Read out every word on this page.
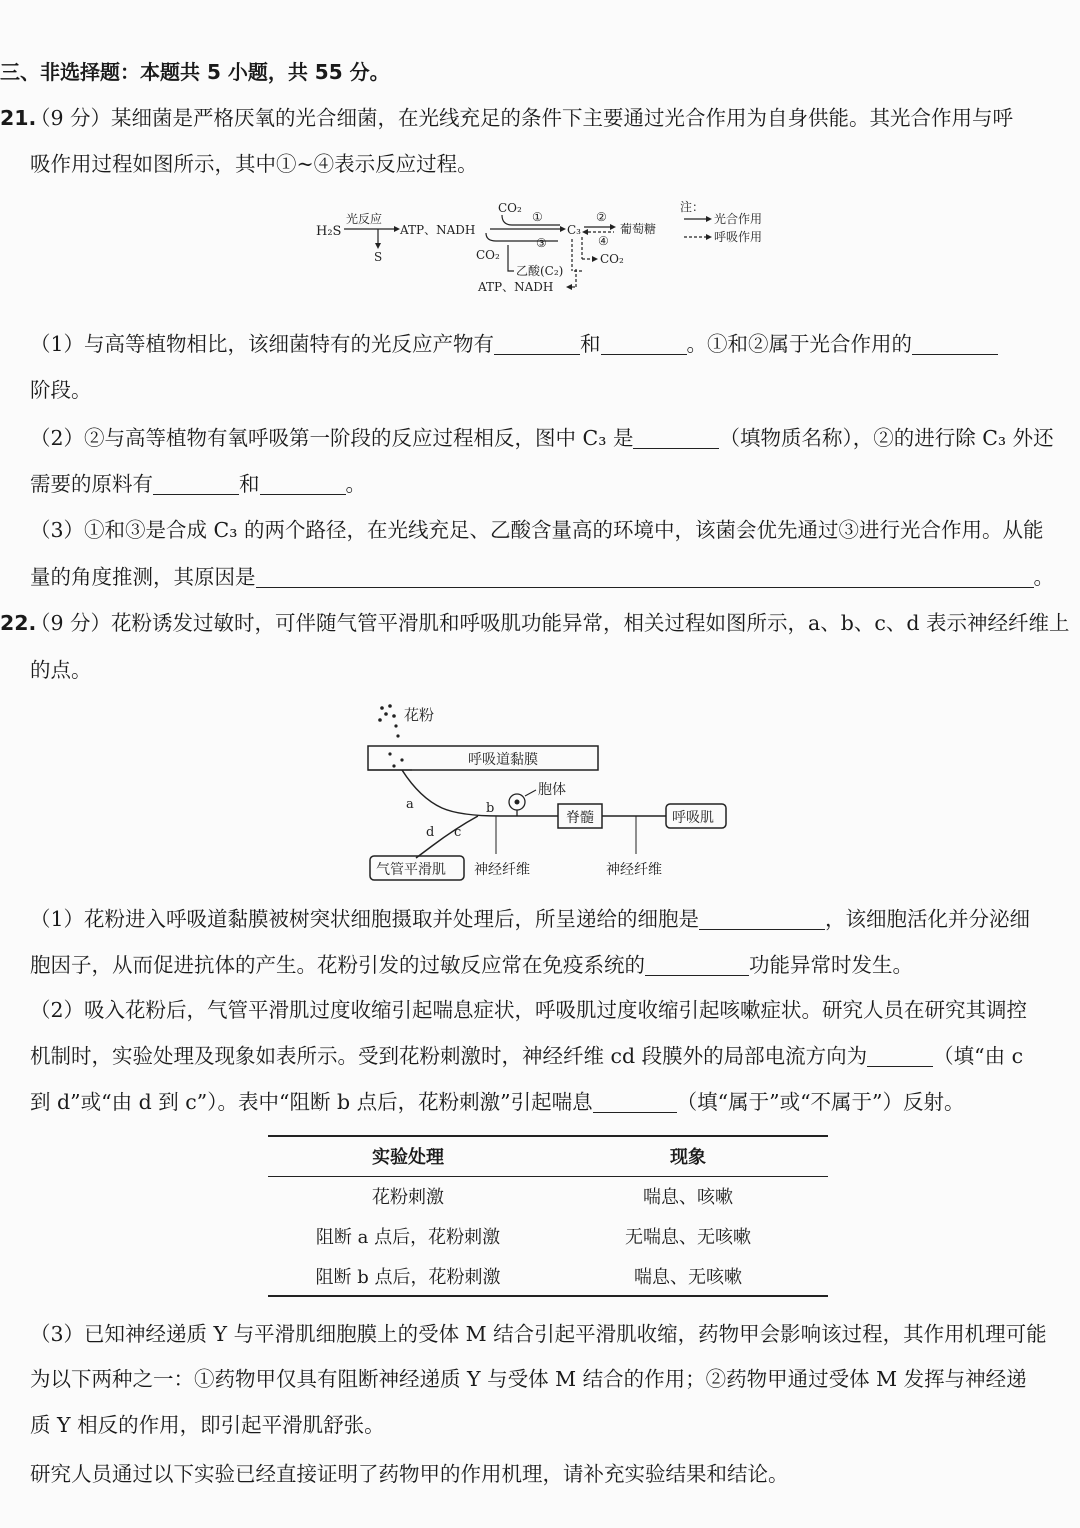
三、非选择题：本题共 5 小题，共 55 分。
21.
（9 分）某细菌是严格厌氧的光合细菌，在光线充足的条件下主要通过光合作用为自身供能。其光合作用与呼
吸作用过程如图所示，其中①~④表示反应过程。
H₂S
光反应
S
ATP、NADH
CO₂
①
③
CO₂
C₃
②
④
葡萄糖
CO₂
乙酸(C₂)
ATP、NADH
注：
光合作用
呼吸作用
（1）与高等植物相比，该细菌特有的光反应产物有	和	。①和②属于光合作用的
阶段。
（2）②与高等植物有氧呼吸第一阶段的反应过程相反，图中 C₃ 是	（填物质名称），②的进行除 C₃ 外还
需要的原料有	和	。
（3）①和③是合成 C₃ 的两个路径，在光线充足、乙酸含量高的环境中，该菌会优先通过③进行光合作用。从能
量的角度推测，其原因是	。
22.
（9 分）花粉诱发过敏时，可伴随气管平滑肌和呼吸肌功能异常，相关过程如图所示，a、b、c、d 表示神经纤维上
的点。
花粉
呼吸道黏膜
a	b
胞体
脊髓	呼吸肌
c
d
气管平滑肌 神经纤维	神经纤维
（1）花粉进入呼吸道黏膜被树突状细胞摄取并处理后，所呈递给的细胞是	，该细胞活化并分泌细
胞因子，从而促进抗体的产生。花粉引发的过敏反应常在免疫系统的	功能异常时发生。
（2）吸入花粉后，气管平滑肌过度收缩引起喘息症状，呼吸肌过度收缩引起咳嗽症状。研究人员在研究其调控
机制时，实验处理及现象如表所示。受到花粉刺激时，神经纤维 cd 段膜外的局部电流方向为	（填“由 c
到 d”或“由 d 到 c”）。表中“阻断 b 点后，花粉刺激”引起喘息	（填“属于”或“不属于”）反射。
实验处理	现象
花粉刺激	喘息、咳嗽
阻断 a 点后，花粉刺激	无喘息、无咳嗽
阻断 b 点后，花粉刺激	喘息、无咳嗽
（3）已知神经递质 Y 与平滑肌细胞膜上的受体 M 结合引起平滑肌收缩，药物甲会影响该过程，其作用机理可能
为以下两种之一：①药物甲仅具有阻断神经递质 Y 与受体 M 结合的作用；②药物甲通过受体 M 发挥与神经递
质 Y 相反的作用，即引起平滑肌舒张。
研究人员通过以下实验已经直接证明了药物甲的作用机理，请补充实验结果和结论。
